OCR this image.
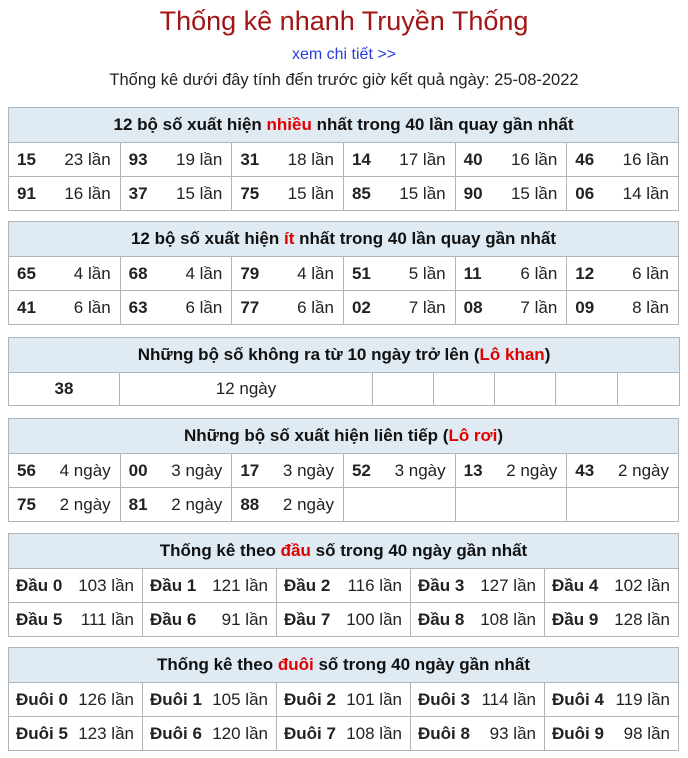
Thống kê nhanh Truyền Thống
xem chi tiết >>
Thống kê dưới đây tính đến trước giờ kết quả ngày: 25-08-2022
12 bộ số xuất hiện nhiều nhất trong 40 lần quay gần nhất					

15 23 lần	93 19 lần	31 18 lần	14 17 lần	40 16 lần	46 16 lần

91 16 lần	37 15 lần	75 15 lần	85 15 lần	90 15 lần	06 14 lần
12 bộ số xuất hiện ít nhất trong 40 lần quay gần nhất					

65 4 lần	68 4 lần	79 4 lần	51 5 lần	11 6 lần	12 6 lần

41 6 lần	63 6 lần	77 6 lần	02 7 lần	08 7 lần	09 8 lần
Những bộ số không ra từ 10 ngày trở lên (Lô khan)
38	12 ngày					
Những bộ số xuất hiện liên tiếp (Lô rơi)					

56 4 ngày	00 3 ngày	17 3 ngày	52 3 ngày	13 2 ngày	43 2 ngày

75 2 ngày	81 2 ngày	88 2 ngày			

Thống kê theo đầu số trong 40 ngày gần nhất				

Đầu 0 103 lần	Đầu 1 121 lần	Đầu 2 116 lần	Đầu 3 127 lần	Đầu 4 102 lần

Đầu 5 111 lần	Đầu 6 91 lần	Đầu 7 100 lần	Đầu 8 108 lần	Đầu 9 128 lần
Thống kê theo đuôi số trong 40 ngày gần nhất				

Đuôi 0 126 lần	Đuôi 1 105 lần	Đuôi 2 101 lần	Đuôi 3 114 lần	Đuôi 4 119 lần

Đuôi 5 123 lần	Đuôi 6 120 lần	Đuôi 7 108 lần	Đuôi 8 93 lần	Đuôi 9 98 lần
